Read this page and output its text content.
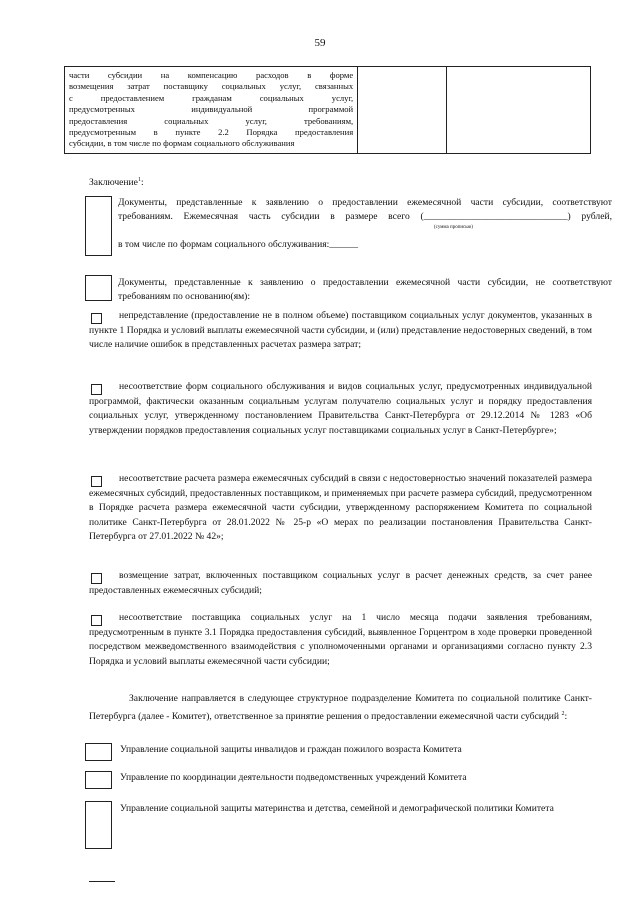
59

части субсидии на компенсацию расходов в форме

возмещения затрат поставщику социальных услуг, связанных

с предоставлением гражданам социальных услуг,

предусмотренных индивидуальной программой

предоставления социальных услуг, требованиям,

предусмотренным в пункте 2.2 Порядка предоставления

субсидии, в том числе по формам социального обслуживания

Заключение$^1$:
Документы, представленные к заявлению о предоставлении ежемесячной части субсидии, соответствуют
требованиям. Ежемесячная часть субсидии в размере всего (______________________________) рублей,
(сумма прописью)
в том числе по формам социального обслуживания:______
Документы, представленные к заявлению о предоставлении ежемесячной части субсидии, не соответствуют
требованиям по основанию(ям):
непредставление (предоставление не в полном объеме) поставщиком социальных услуг документов, указанных в пункте 1 Порядка и условий выплаты ежемесячной части субсидии, и (или) представление недостоверных сведений, в том числе наличие ошибок в представленных расчетах размера затрат;
несоответствие форм социального обслуживания и видов социальных услуг, предусмотренных индивидуальной программой, фактически оказанным социальным услугам получателю социальных услуг и порядку предоставления социальных услуг, утвержденному постановлением Правительства Санкт-Петербурга от 29.12.2014 № 1283 «Об утверждении порядков предоставления социальных услуг поставщиками социальных услуг в Санкт-Петербурге»;
несоответствие расчета размера ежемесячных субсидий в связи с недостоверностью значений показателей размера ежемесячных субсидий, предоставленных поставщиком, и применяемых при расчете размера субсидий, предусмотренном в Порядке расчета размера ежемесячной части субсидии, утвержденному распоряжением Комитета по социальной политике Санкт-Петербурга от 28.01.2022 № 25-р «О мерах по реализации постановления Правительства Санкт-Петербурга от 27.01.2022 № 42»;
возмещение затрат, включенных поставщиком социальных услуг в расчет денежных средств, за счет ранее предоставленных ежемесячных субсидий;
несоответствие поставщика социальных услуг на 1 число месяца подачи заявления требованиям, предусмотренным в пункте 3.1 Порядка предоставления субсидий, выявленное Горцентром в ходе проверки проведенной посредством межведомственного взаимодействия с уполномоченными органами и организациями согласно пункту 2.3 Порядка и условий выплаты ежемесячной части субсидии;
Заключение направляется в следующее структурное подразделение Комитета по социальной политике Санкт-Петербурга (далее - Комитет), ответственное за принятие решения о предоставлении ежемесячной части субсидий $^2$:
Управление социальной защиты инвалидов и граждан пожилого возраста Комитета
Управление по координации деятельности подведомственных учреждений Комитета
Управление социальной защиты материнства и детства, семейной и демографической политики Комитета
